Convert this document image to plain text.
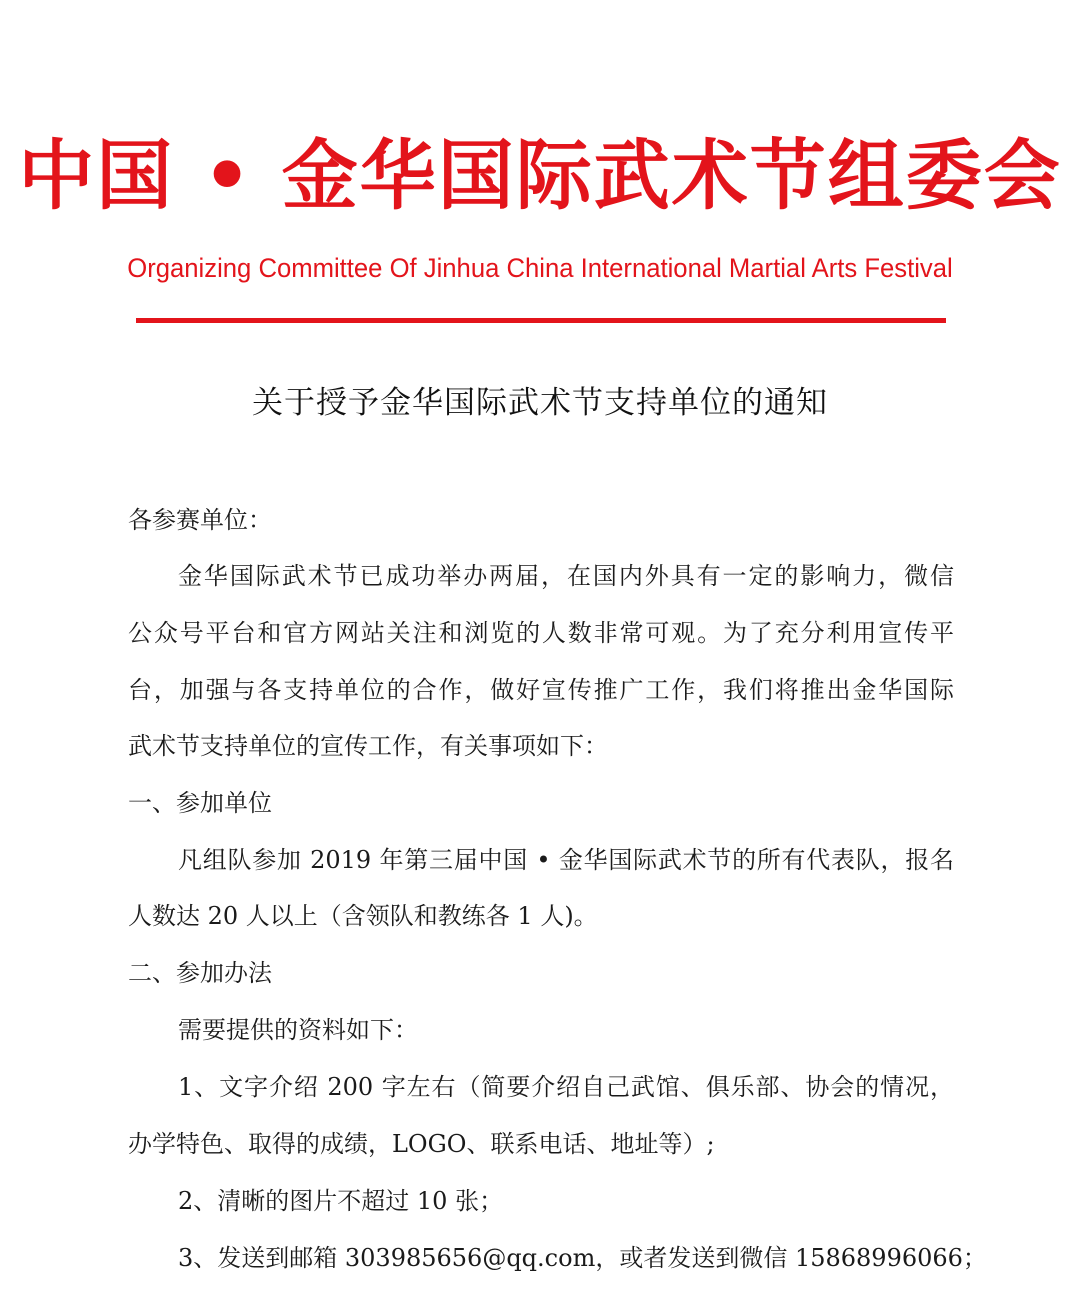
中国 • 金华国际武术节组委会
Organizing Committee Of Jinhua China International Martial Arts Festival
关于授予金华国际武术节支持单位的通知
各参赛单位：
金华国际武术节已成功举办两届，在国内外具有一定的影响力，微信
公众号平台和官方网站关注和浏览的人数非常可观。为了充分利用宣传平
台，加强与各支持单位的合作，做好宣传推广工作，我们将推出金华国际
武术节支持单位的宣传工作，有关事项如下：
一、参加单位
凡组队参加 2019 年第三届中国 • 金华国际武术节的所有代表队，报名
人数达 20 人以上（含领队和教练各 1 人)。
二、参加办法
需要提供的资料如下：
1、文字介绍 200 字左右（简要介绍自己武馆、俱乐部、协会的情况，
办学特色、取得的成绩，LOGO、联系电话、地址等）;
2、清晰的图片不超过 10 张；
3、发送到邮箱 303985656@qq.com，或者发送到微信 15868996066；
